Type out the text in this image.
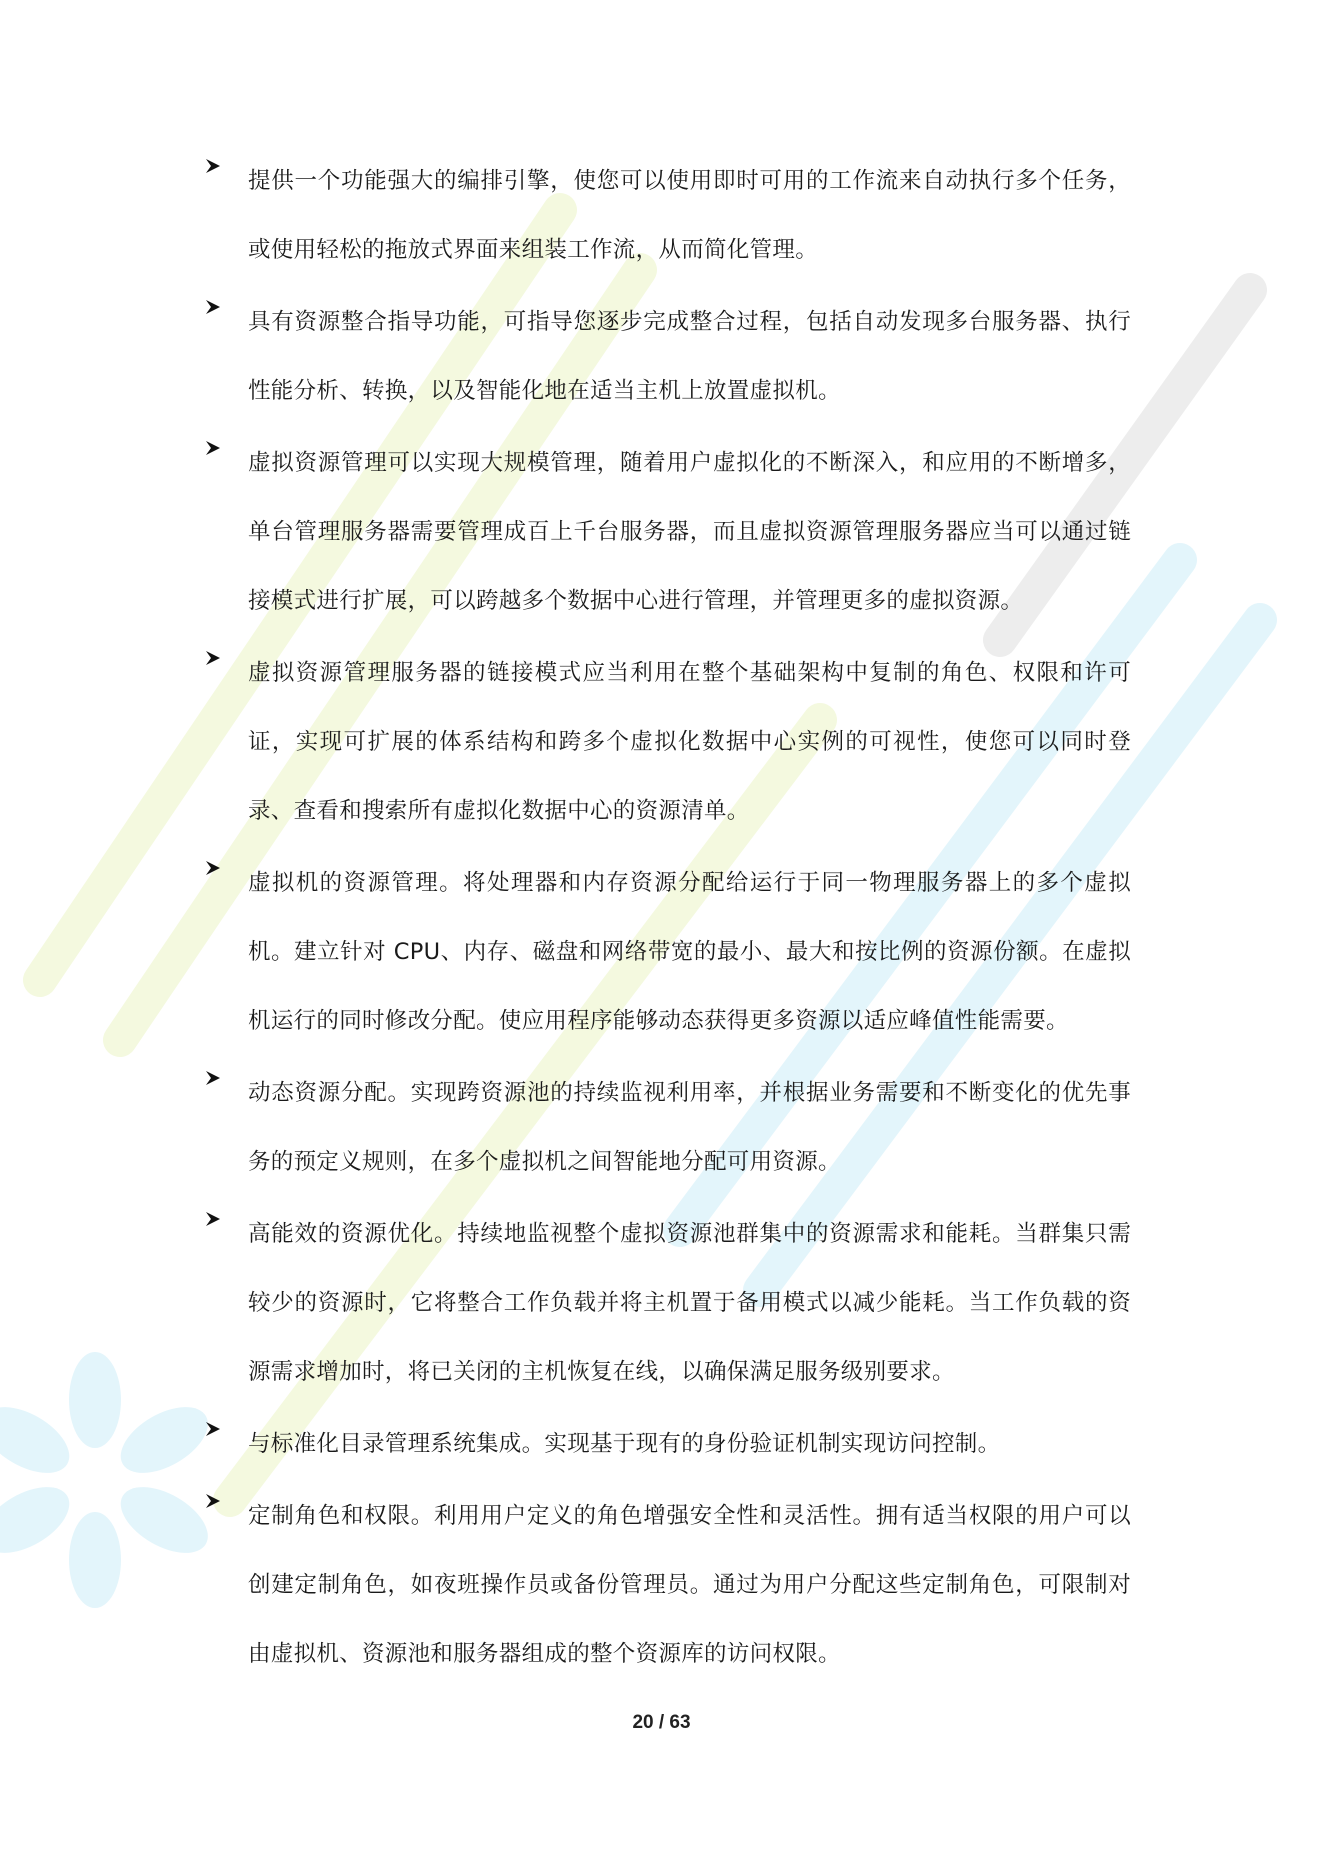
提供一个功能强大的编排引擎，使您可以使用即时可用的工作流来自动执行多个任务，或使用轻松的拖放式界面来组装工作流，从而简化管理。
具有资源整合指导功能，可指导您逐步完成整合过程，包括自动发现多台服务器、执行性能分析、转换，以及智能化地在适当主机上放置虚拟机。
虚拟资源管理可以实现大规模管理，随着用户虚拟化的不断深入，和应用的不断增多，单台管理服务器需要管理成百上千台服务器，而且虚拟资源管理服务器应当可以通过链接模式进行扩展，可以跨越多个数据中心进行管理，并管理更多的虚拟资源。
虚拟资源管理服务器的链接模式应当利用在整个基础架构中复制的角色、权限和许可证，实现可扩展的体系结构和跨多个虚拟化数据中心实例的可视性，使您可以同时登录、查看和搜索所有虚拟化数据中心的资源清单。
虚拟机的资源管理。将处理器和内存资源分配给运行于同一物理服务器上的多个虚拟机。建立针对 CPU、内存、磁盘和网络带宽的最小、最大和按比例的资源份额。在虚拟机运行的同时修改分配。使应用程序能够动态获得更多资源以适应峰值性能需要。
动态资源分配。实现跨资源池的持续监视利用率，并根据业务需要和不断变化的优先事务的预定义规则，在多个虚拟机之间智能地分配可用资源。
高能效的资源优化。持续地监视整个虚拟资源池群集中的资源需求和能耗。当群集只需较少的资源时，它将整合工作负载并将主机置于备用模式以减少能耗。当工作负载的资源需求增加时，将已关闭的主机恢复在线，以确保满足服务级别要求。
与标准化目录管理系统集成。实现基于现有的身份验证机制实现访问控制。
定制角色和权限。利用用户定义的角色增强安全性和灵活性。拥有适当权限的用户可以创建定制角色，如夜班操作员或备份管理员。通过为用户分配这些定制角色，可限制对由虚拟机、资源池和服务器组成的整个资源库的访问权限。
20 / 63
